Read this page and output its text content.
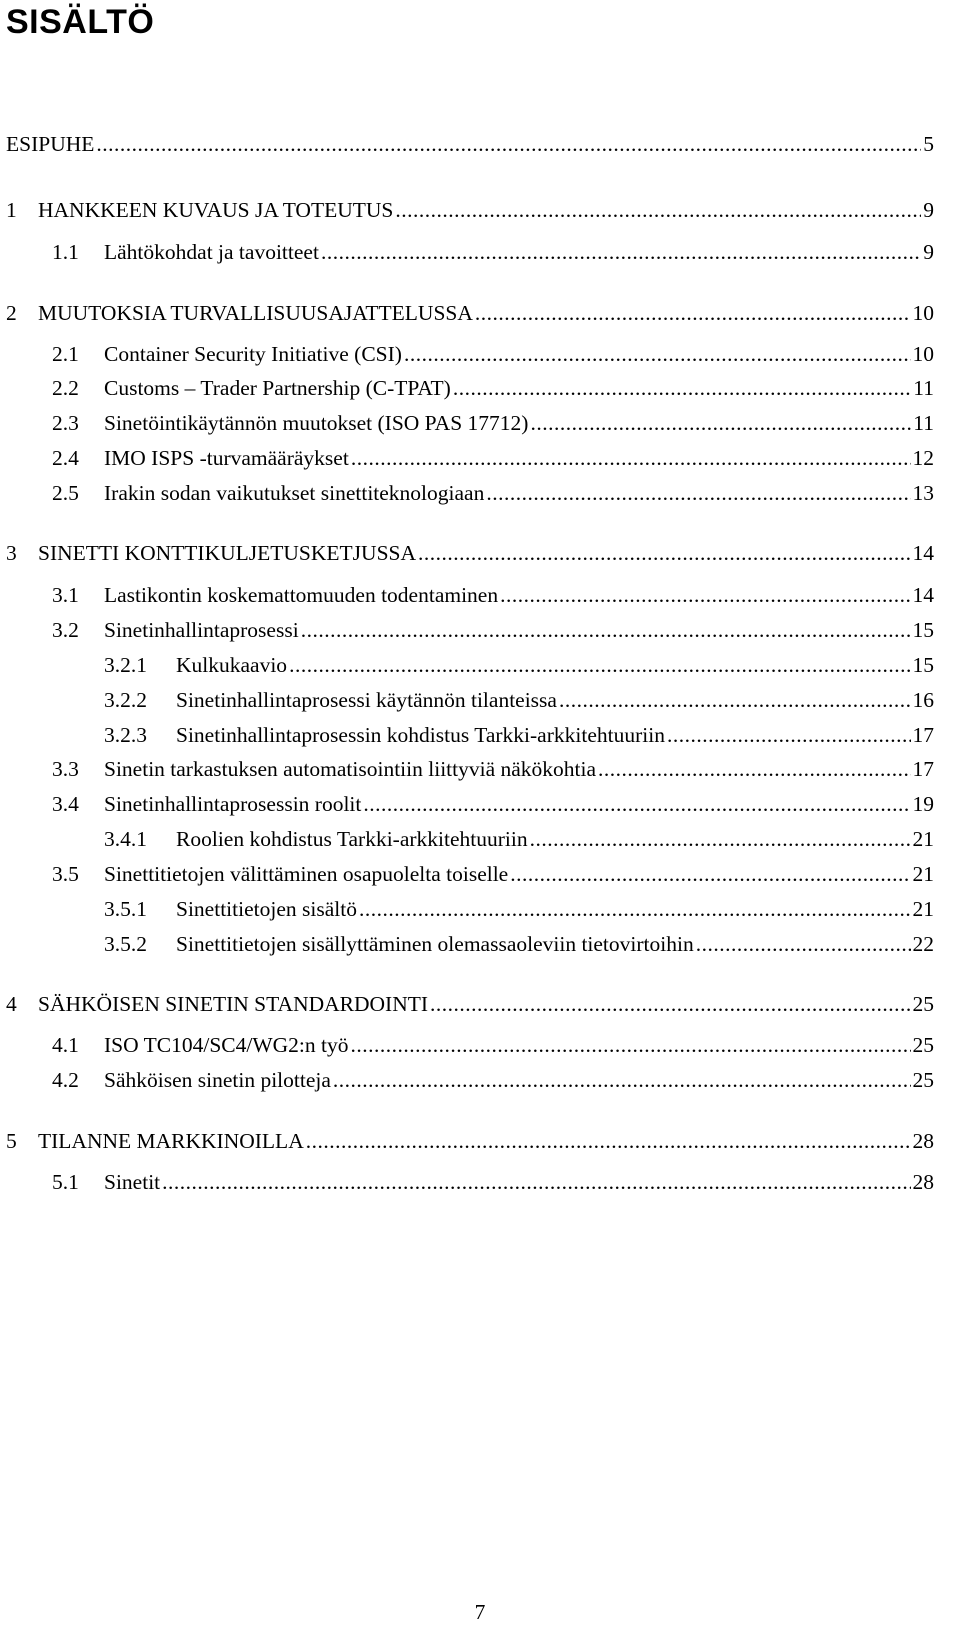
SISÄLTÖ
ESIPUHE .....	5
1 HANKKEEN KUVAUS JA TOTEUTUS .....	9
1.1	Lähtökohdat ja tavoitteet .....	9
2 MUUTOKSIA TURVALLISUUSAJATTELUSSA .....	10
2.1	Container Security Initiative (CSI) .....	10
2.2	Customs – Trader Partnership (C-TPAT) .....	11
2.3	Sinetöintikäytännön muutokset (ISO PAS 17712) .....	11
2.4	IMO ISPS -turvamääräykset .....	12
2.5	Irakin sodan vaikutukset sinettiteknologiaan .....	13
3 SINETTI KONTTIKULJETUSKETJUSSA .....	14
3.1	Lastikontin koskemattomuuden todentaminen .....	14
3.2	Sinetinhallintaprosessi .....	15
3.2.1	Kulkukaavio .....	15
3.2.2	Sinetinhallintaprosessi käytännön tilanteissa .....	16
3.2.3	Sinetinhallintaprosessin kohdistus Tarkki-arkkitehtuuriin .....	17
3.3	Sinetin tarkastuksen automatisointiin liittyviä näkökohtia .....	17
3.4	Sinetinhallintaprosessin roolit .....	19
3.4.1	Roolien kohdistus Tarkki-arkkitehtuuriin .....	21
3.5	Sinettitietojen välittäminen osapuolelta toiselle .....	21
3.5.1	Sinettitietojen sisältö .....	21
3.5.2	Sinettitietojen sisällyttäminen olemassaoleviin tietovirtoihin .....	22
4 SÄHKÖISEN SINETIN STANDARDOINTI .....	25
4.1	ISO TC104/SC4/WG2:n työ .....	25
4.2	Sähköisen sinetin pilotteja .....	25
5 TILANNE MARKKINOILLA .....	28
5.1	Sinetit .....	28
7
